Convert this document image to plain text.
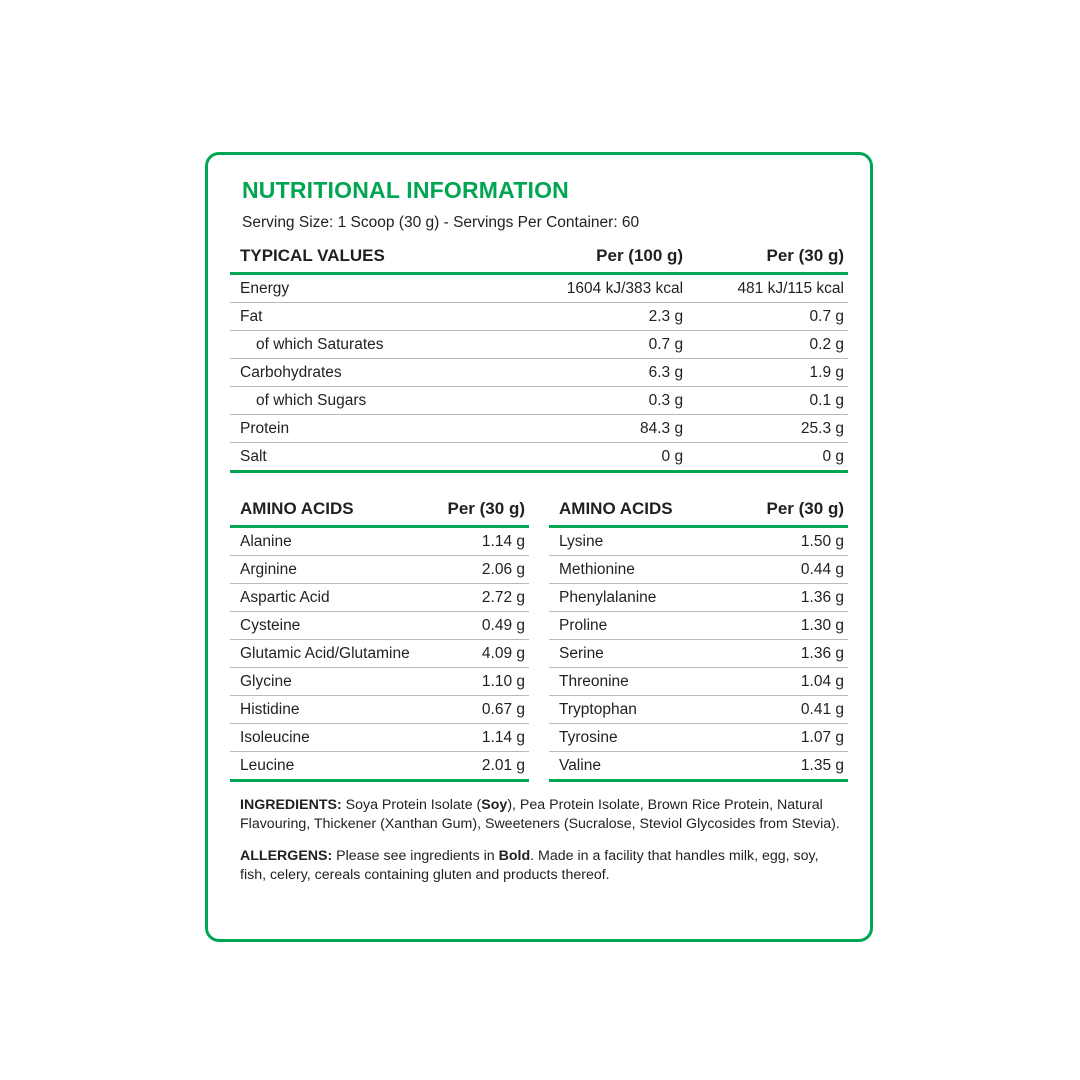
NUTRITIONAL INFORMATION
Serving Size: 1 Scoop (30 g) - Servings Per Container: 60
TYPICAL VALUES	Per (100 g)	Per (30 g)
Energy	1604 kJ/383 kcal	481 kJ/115 kcal
Fat	2.3 g	0.7 g
of which Saturates	0.7 g	0.2 g
Carbohydrates	6.3 g	1.9 g
of which Sugars	0.3 g	0.1 g
Protein	84.3 g	25.3 g
Salt	0 g	0 g
AMINO ACIDS	Per (30 g)
Alanine	1.14 g
Arginine	2.06 g
Aspartic Acid	2.72 g
Cysteine	0.49 g
Glutamic Acid/Glutamine	4.09 g
Glycine	1.10 g
Histidine	0.67 g
Isoleucine	1.14 g
Leucine	2.01 g
AMINO ACIDS	Per (30 g)
Lysine	1.50 g
Methionine	0.44 g
Phenylalanine	1.36 g
Proline	1.30 g
Serine	1.36 g
Threonine	1.04 g
Tryptophan	0.41 g
Tyrosine	1.07 g
Valine	1.35 g
INGREDIENTS: Soya Protein Isolate (Soy), Pea Protein Isolate, Brown Rice Protein, Natural Flavouring, Thickener (Xanthan Gum), Sweeteners (Sucralose, Steviol Glycosides from Stevia).
ALLERGENS: Please see ingredients in Bold. Made in a facility that handles milk, egg, soy, fish, celery, cereals containing gluten and products thereof.
